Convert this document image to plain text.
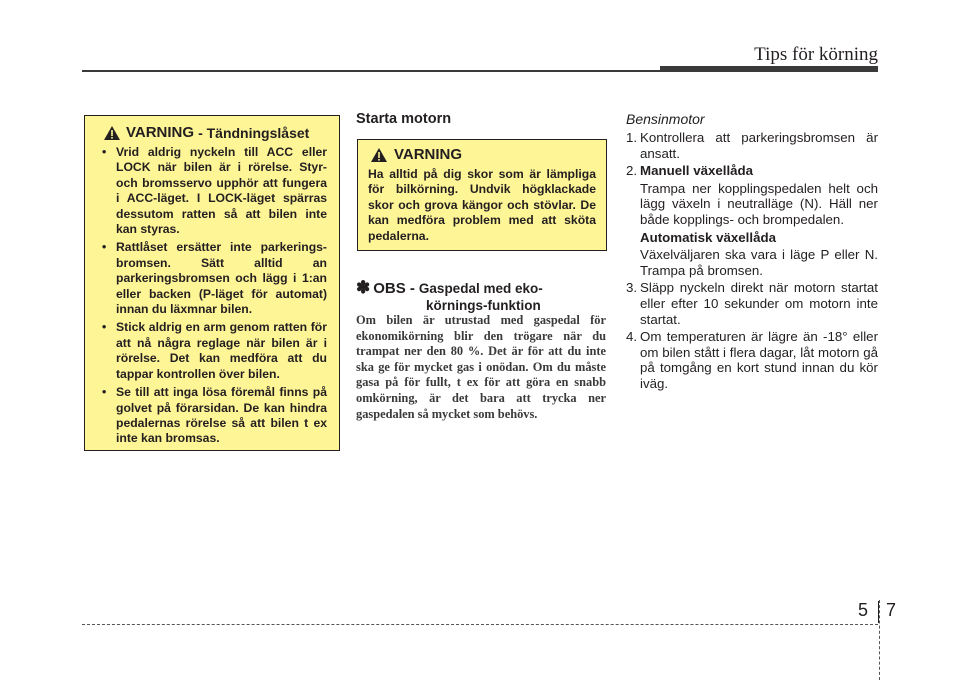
Tips för körning
VARNING - Tändningslåset
• Vrid aldrig nyckeln till ACC eller LOCK när bilen är i rörelse. Styr- och bromsservo upphör att fungera i ACC-läget. I LOCK-läget spärras dessutom ratten så att bilen inte kan styras.
• Rattlåset ersätter inte parkerings- bromsen. Sätt alltid an parkeringsbromsen och lägg i 1:an eller backen (P-läget för automat) innan du läxmnar bilen.
• Stick aldrig en arm genom ratten för att nå några reglage när bilen är i rörelse. Det kan medföra att du tappar kontrollen över bilen.
• Se till att inga lösa föremål finns på golvet på förarsidan. De kan hindra pedalernas rörelse så att bilen t ex inte kan bromsas.
Starta motorn
VARNING
Ha alltid på dig skor som är lämpliga för bilkörning. Undvik högklackade skor och grova kängor och stövlar. De kan medföra problem med att sköta pedalerna.
✽ OBS - Gaspedal med eko-
körnings-funktion
Om bilen är utrustad med gaspedal för ekonomikörning blir den trögare när du trampat ner den 80 %. Det är för att du inte ska ge för mycket gas i onödan. Om du måste gasa på för fullt, t ex för att göra en snabb omkörning, är det bara att trycka ner gaspedalen så mycket som behövs.
Bensinmotor
1. Kontrollera att parkeringsbromsen är ansatt.

2. Manuell växellåda

Trampa ner kopplingspedalen helt och lägg växeln i neutralläge (N). Häll ner både kopplings- och brompedalen.

Automatisk växellåda

Växelväljaren ska vara i läge P eller N. Trampa på bromsen.

3. Släpp nyckeln direkt när motorn startat eller efter 10 sekunder om motorn inte startat.

4. Om temperaturen är lägre än -18° eller om bilen stått i flera dagar, låt motorn gå på tomgång en kort stund innan du kör iväg.

5 7
